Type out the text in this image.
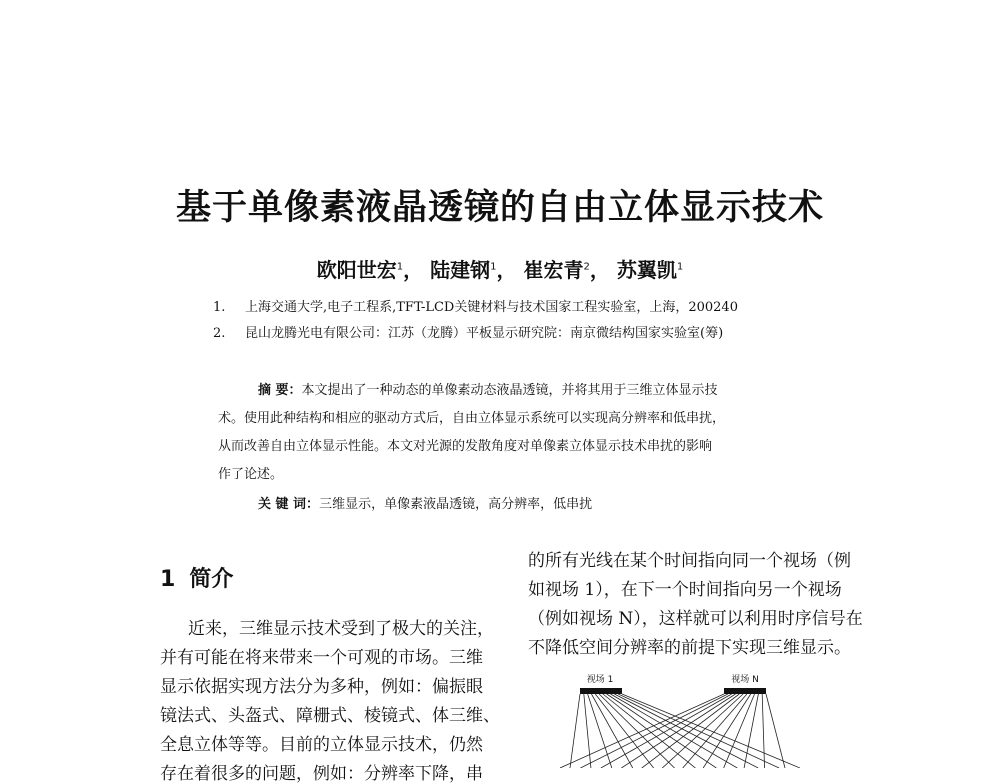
基于单像素液晶透镜的自由立体显示技术
欧阳世宏$^1$， 陆建钢$^1$， 崔宏青$^2$， 苏翼凯$^1$
1. 上海交通大学,电子工程系,TFT-LCD关键材料与技术国家工程实验室，上海，200240
2. 昆山龙腾光电有限公司：江苏（龙腾）平板显示研究院：南京微结构国家实验室(筹)
摘 要：本文提出了一种动态的单像素动态液晶透镜，并将其用于三维立体显示技
术。使用此种结构和相应的驱动方式后，自由立体显示系统可以实现高分辨率和低串扰，
从而改善自由立体显示性能。本文对光源的发散角度对单像素立体显示技术串扰的影响
作了论述。
关 键 词：三维显示，单像素液晶透镜，高分辨率，低串扰
1 简介
近来，三维显示技术受到了极大的关注，
并有可能在将来带来一个可观的市场。三维
显示依据实现方法分为多种，例如：偏振眼
镜法式、头盔式、障栅式、棱镜式、体三维、
全息立体等等。目前的立体显示技术，仍然
存在着很多的问题，例如：分辨率下降，串
的所有光线在某个时间指向同一个视场（例
如视场 1），在下一个时间指向另一个视场
（例如视场 N），这样就可以利用时序信号在
不降低空间分辨率的前提下实现三维显示。
视场 1	视场 N
